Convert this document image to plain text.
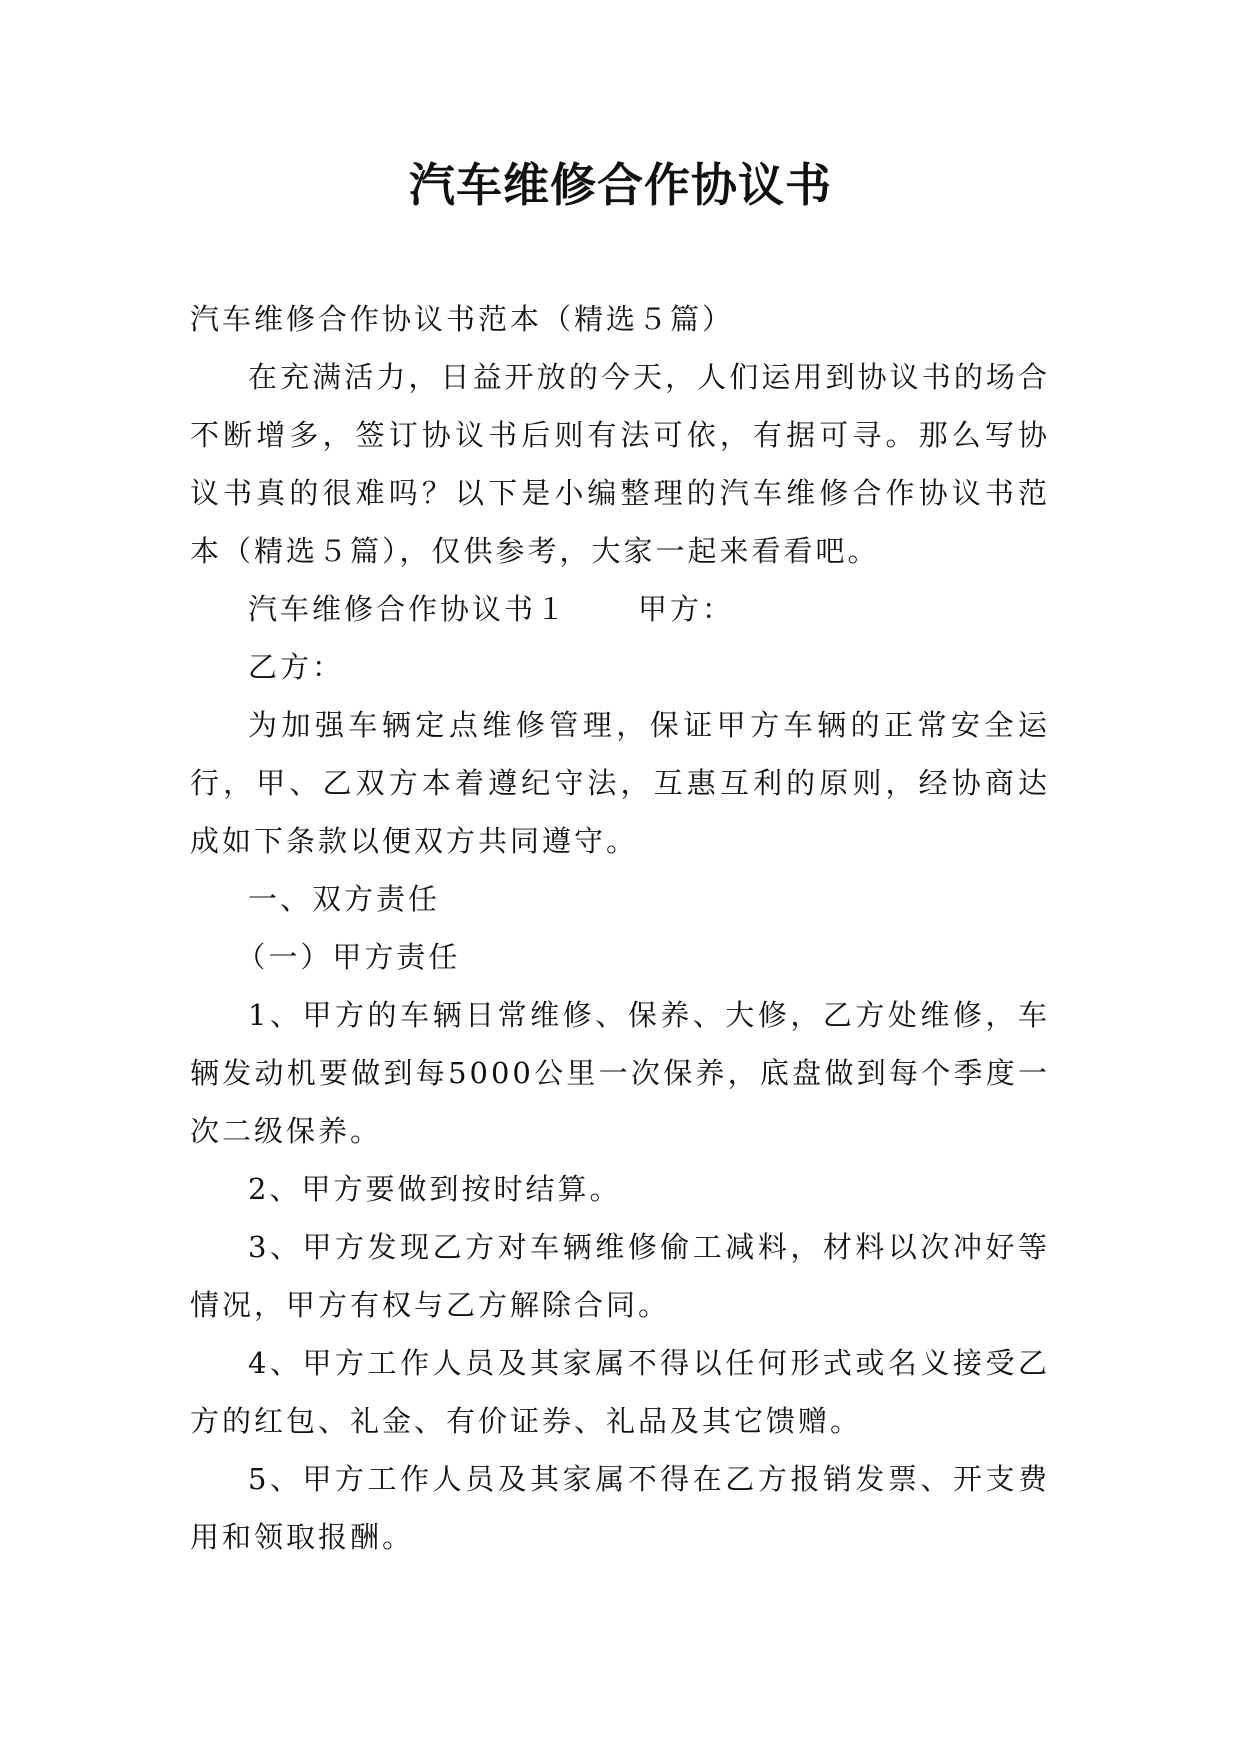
汽车维修合作协议书

汽车维修合作协议书范本（精选５篇）

在充满活力，日益开放的今天，人们运用到协议书的场合不断增多，签订协议书后则有法可依，有据可寻。那么写协议书真的很难吗？以下是小编整理的汽车维修合作协议书范本（精选５篇），仅供参考，大家一起来看看吧。

汽车维修合作协议书１ 甲方：

乙方：

为加强车辆定点维修管理，保证甲方车辆的正常安全运行，甲、乙双方本着遵纪守法，互惠互利的原则，经协商达成如下条款以便双方共同遵守。

一、双方责任

（一）甲方责任

1、甲方的车辆日常维修、保养、大修，乙方处维修，车辆发动机要做到每5000公里一次保养，底盘做到每个季度一次二级保养。

2、甲方要做到按时结算。

3、甲方发现乙方对车辆维修偷工减料，材料以次冲好等情况，甲方有权与乙方解除合同。

4、甲方工作人员及其家属不得以任何形式或名义接受乙方的红包、礼金、有价证券、礼品及其它馈赠。

5、甲方工作人员及其家属不得在乙方报销发票、开支费用和领取报酬。
